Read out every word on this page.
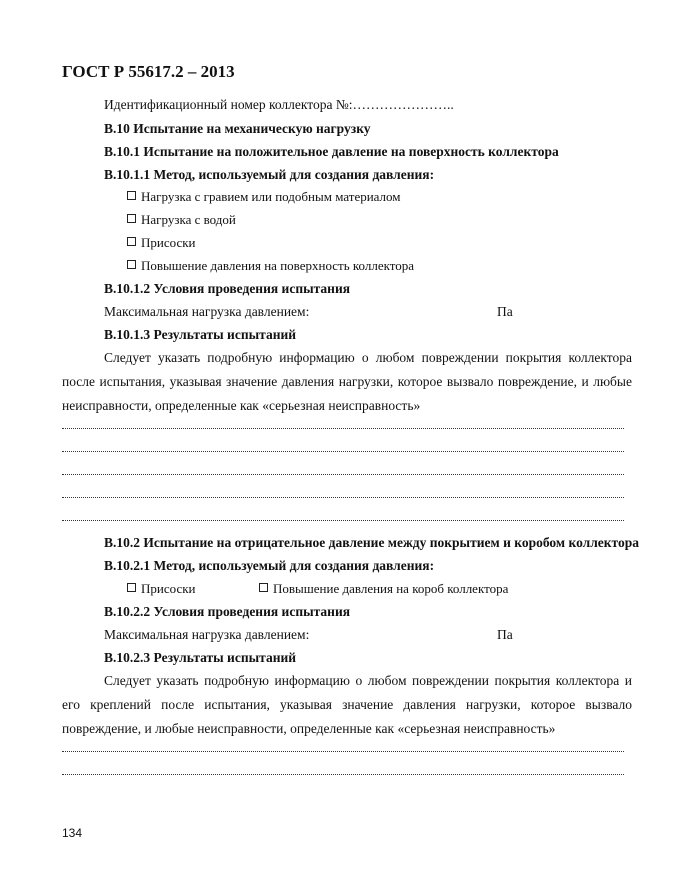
ГОСТ Р 55617.2 – 2013
Идентификационный номер коллектора №:…………………..
В.10 Испытание на механическую нагрузку
В.10.1 Испытание на положительное давление на поверхность коллектора
В.10.1.1 Метод, используемый для создания давления:
Нагрузка с гравием или подобным материалом
Нагрузка с водой
Присоски
Повышение давления на поверхность коллектора
В.10.1.2 Условия проведения испытания
Максимальная нагрузка давлением:	Па
В.10.1.3 Результаты испытаний
Следует указать подробную информацию о любом повреждении покрытия коллектора после испытания, указывая значение давления нагрузки, которое вызвало повреждение, и любые неисправности, определенные как «серьезная неисправность»
В.10.2 Испытание на отрицательное давление между покрытием и коробом коллектора
В.10.2.1 Метод, используемый для создания давления:
Присоски	Повышение давления на короб коллектора
В.10.2.2 Условия проведения испытания
Максимальная нагрузка давлением:	Па
В.10.2.3 Результаты испытаний
Следует указать подробную информацию о любом повреждении покрытия коллектора и его креплений после испытания, указывая значение давления нагрузки, которое вызвало повреждение, и любые неисправности, определенные как «серьезная неисправность»
134
